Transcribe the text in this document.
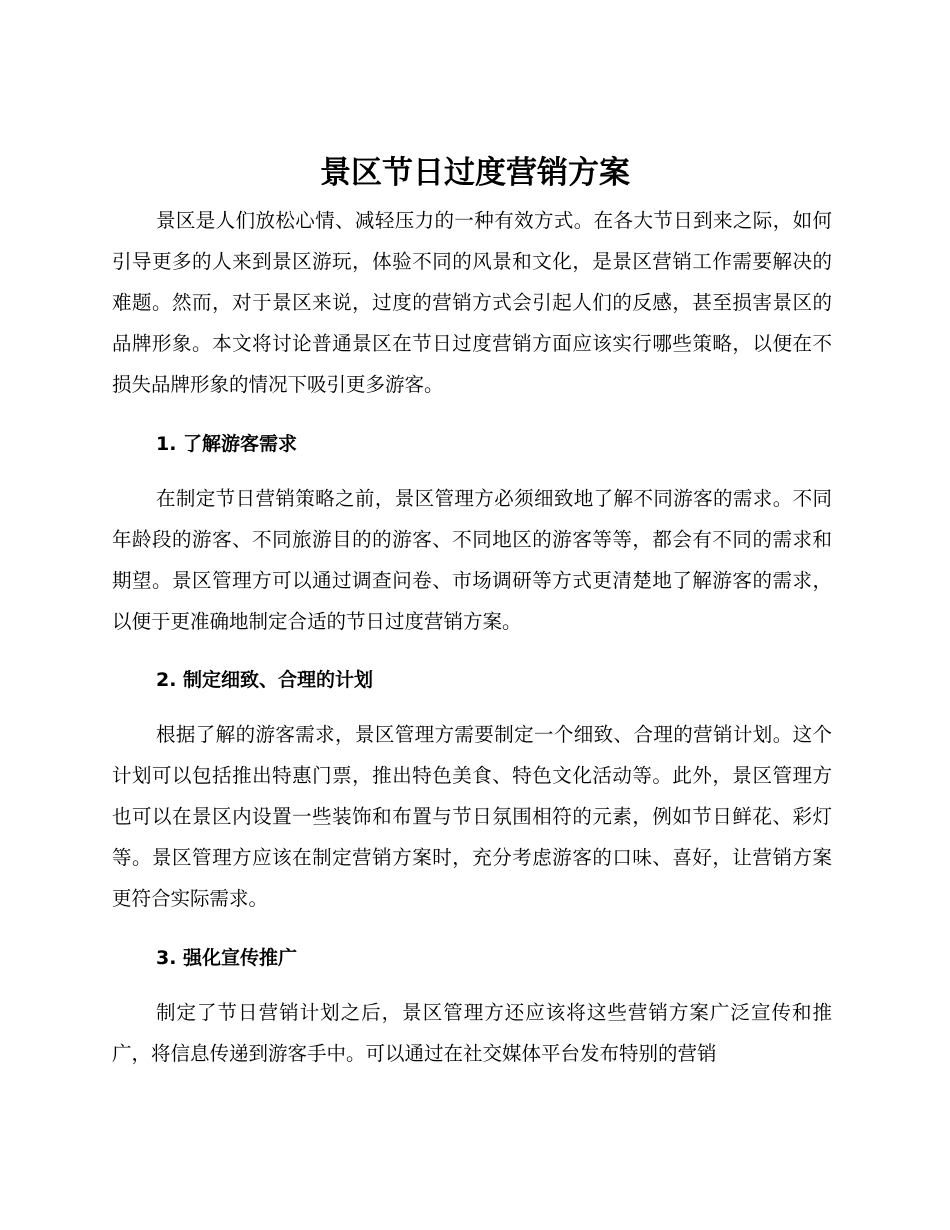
景区节日过度营销方案

景区是人们放松心情、减轻压力的一种有效方式。在各大节日到来之际，如何引导更多的人来到景区游玩，体验不同的风景和文化，是景区营销工作需要解决的难题。然而，对于景区来说，过度的营销方式会引起人们的反感，甚至损害景区的品牌形象。本文将讨论普通景区在节日过度营销方面应该实行哪些策略，以便在不损失品牌形象的情况下吸引更多游客。

1. 了解游客需求

在制定节日营销策略之前，景区管理方必须细致地了解不同游客的需求。不同年龄段的游客、不同旅游目的的游客、不同地区的游客等等，都会有不同的需求和期望。景区管理方可以通过调查问卷、市场调研等方式更清楚地了解游客的需求，以便于更准确地制定合适的节日过度营销方案。

2. 制定细致、合理的计划

根据了解的游客需求，景区管理方需要制定一个细致、合理的营销计划。这个计划可以包括推出特惠门票，推出特色美食、特色文化活动等。此外，景区管理方也可以在景区内设置一些装饰和布置与节日氛围相符的元素，例如节日鲜花、彩灯等。景区管理方应该在制定营销方案时，充分考虑游客的口味、喜好，让营销方案更符合实际需求。

3. 强化宣传推广

制定了节日营销计划之后，景区管理方还应该将这些营销方案广泛宣传和推广，将信息传递到游客手中。可以通过在社交媒体平台发布特别的营销
